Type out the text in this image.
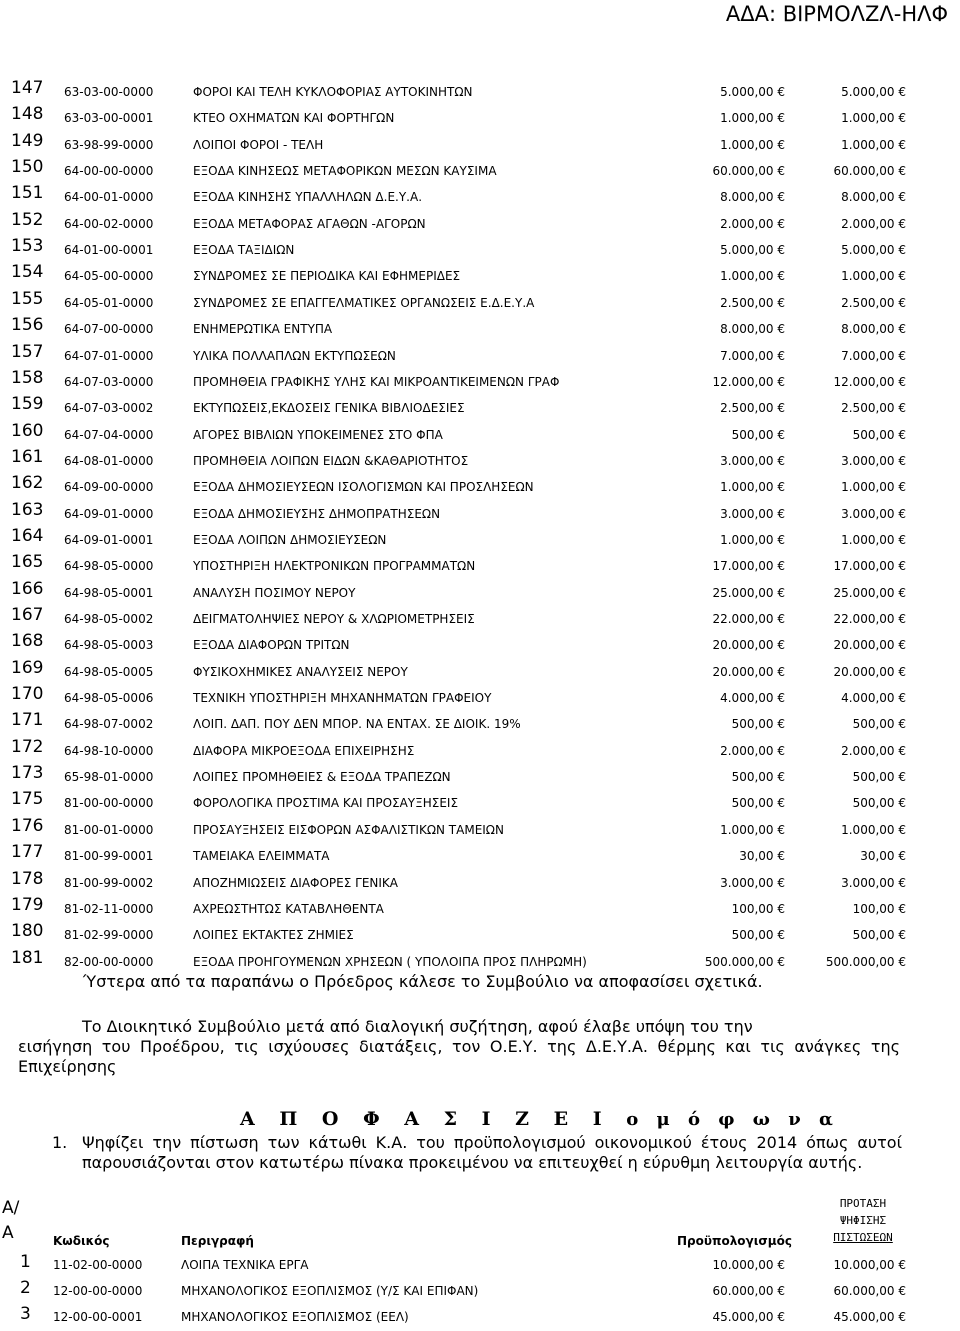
ΑΔΑ: ΒΙΡΜΟΛΖΛ-ΗΛΦ
147 63-03-00-0000	ΦΟΡΟΙ ΚΑΙ ΤΕΛΗ ΚΥΚΛΟΦΟΡΙΑΣ ΑΥΤΟΚΙΝΗΤΩΝ	5.000,00 €	5.000,00 €
148 63-03-00-0001	ΚΤΕΟ ΟΧΗΜΑΤΩΝ ΚΑΙ ΦΟΡΤΗΓΩΝ	1.000,00 €	1.000,00 €
149 63-98-99-0000	ΛΟΙΠΟΙ ΦΟΡΟΙ - ΤΕΛΗ	1.000,00 €	1.000,00 €
150 64-00-00-0000	ΕΞΟΔΑ ΚΙΝΗΣΕΩΣ ΜΕΤΑΦΟΡΙΚΩΝ ΜΕΣΩΝ ΚΑΥΣΙΜΑ	60.000,00 €	60.000,00 €
151 64-00-01-0000	ΕΞΟΔΑ ΚΙΝΗΣΗΣ ΥΠΑΛΛΗΛΩΝ Δ.Ε.Υ.Α.	8.000,00 €	8.000,00 €
152 64-00-02-0000	ΕΞΟΔΑ ΜΕΤΑΦΟΡΑΣ ΑΓΑΘΩΝ -ΑΓΟΡΩΝ	2.000,00 €	2.000,00 €
153 64-01-00-0001	ΕΞΟΔΑ ΤΑΞΙΔΙΩΝ	5.000,00 €	5.000,00 €
154 64-05-00-0000	ΣΥΝΔΡΟΜΕΣ ΣΕ ΠΕΡΙΟΔΙΚΑ ΚΑΙ ΕΦΗΜΕΡΙΔΕΣ	1.000,00 €	1.000,00 €
155 64-05-01-0000	ΣΥΝΔΡΟΜΕΣ ΣΕ ΕΠΑΓΓΕΛΜΑΤΙΚΕΣ ΟΡΓΑΝΩΣΕΙΣ Ε.Δ.Ε.Υ.Α	2.500,00 €	2.500,00 €
156 64-07-00-0000	ΕΝΗΜΕΡΩΤΙΚΑ ΕΝΤΥΠΑ	8.000,00 €	8.000,00 €
157 64-07-01-0000	ΥΛΙΚΑ ΠΟΛΛΑΠΛΩΝ ΕΚΤΥΠΩΣΕΩΝ	7.000,00 €	7.000,00 €
158 64-07-03-0000	ΠΡΟΜΗΘΕΙΑ ΓΡΑΦΙΚΗΣ ΥΛΗΣ ΚΑΙ ΜΙΚΡΟΑΝΤΙΚΕΙΜΕΝΩΝ ΓΡΑΦ	12.000,00 €	12.000,00 €
159 64-07-03-0002	ΕΚΤΥΠΩΣΕΙΣ,ΕΚΔΟΣΕΙΣ ΓΕΝΙΚΑ ΒΙΒΛΙΟΔΕΣΙΕΣ	2.500,00 €	2.500,00 €
160 64-07-04-0000	ΑΓΟΡΕΣ ΒΙΒΛΙΩΝ ΥΠΟΚΕΙΜΕΝΕΣ ΣΤΟ ΦΠΑ	500,00 €	500,00 €
161 64-08-01-0000	ΠΡΟΜΗΘΕΙΑ ΛΟΙΠΩΝ ΕΙΔΩΝ &ΚΑΘΑΡΙΟΤΗΤΟΣ	3.000,00 €	3.000,00 €
162 64-09-00-0000	ΕΞΟΔΑ ΔΗΜΟΣΙΕΥΣΕΩΝ ΙΣΟΛΟΓΙΣΜΩΝ ΚΑΙ ΠΡΟΣΛΗΣΕΩΝ	1.000,00 €	1.000,00 €
163 64-09-01-0000	ΕΞΟΔΑ ΔΗΜΟΣΙΕΥΣΗΣ ΔΗΜΟΠΡΑΤΗΣΕΩΝ	3.000,00 €	3.000,00 €
164 64-09-01-0001	ΕΞΟΔΑ ΛΟΙΠΩΝ ΔΗΜΟΣΙΕΥΣΕΩΝ	1.000,00 €	1.000,00 €
165 64-98-05-0000	ΥΠΟΣΤΗΡΙΞΗ ΗΛΕΚΤΡΟΝΙΚΩΝ ΠΡΟΓΡΑΜΜΑΤΩΝ	17.000,00 €	17.000,00 €
166 64-98-05-0001	ΑΝΑΛΥΣΗ ΠΟΣΙΜΟΥ ΝΕΡΟΥ	25.000,00 €	25.000,00 €
167 64-98-05-0002	ΔΕΙΓΜΑΤΟΛΗΨΙΕΣ ΝΕΡΟΥ & ΧΛΩΡΙΟΜΕΤΡΗΣΕΙΣ	22.000,00 €	22.000,00 €
168 64-98-05-0003	ΕΞΟΔΑ ΔΙΑΦΟΡΩΝ ΤΡΙΤΩΝ	20.000,00 €	20.000,00 €
169 64-98-05-0005	ΦΥΣΙΚΟΧΗΜΙΚΕΣ ΑΝΑΛΥΣΕΙΣ ΝΕΡΟΥ	20.000,00 €	20.000,00 €
170 64-98-05-0006	ΤΕΧΝΙΚΗ ΥΠΟΣΤΗΡΙΞΗ ΜΗΧΑΝΗΜΑΤΩΝ ΓΡΑΦΕΙΟΥ	4.000,00 €	4.000,00 €
171 64-98-07-0002	ΛΟΙΠ. ΔΑΠ. ΠΟΥ ΔΕΝ ΜΠΟΡ. ΝΑ ΕΝΤΑΧ. ΣΕ ΔΙΟΙΚ. 19%	500,00 €	500,00 €
172 64-98-10-0000	ΔΙΑΦΟΡΑ ΜΙΚΡΟΕΞΟΔΑ ΕΠΙΧΕΙΡΗΣΗΣ	2.000,00 €	2.000,00 €
173 65-98-01-0000	ΛΟΙΠΕΣ ΠΡΟΜΗΘΕΙΕΣ & ΕΞΟΔΑ ΤΡΑΠΕΖΩΝ	500,00 €	500,00 €
175 81-00-00-0000	ΦΟΡΟΛΟΓΙΚΑ ΠΡΟΣΤΙΜΑ ΚΑΙ ΠΡΟΣΑΥΞΗΣΕΙΣ	500,00 €	500,00 €
176 81-00-01-0000	ΠΡΟΣΑΥΞΗΣΕΙΣ ΕΙΣΦΟΡΩΝ ΑΣΦΑΛΙΣΤΙΚΩΝ ΤΑΜΕΙΩΝ	1.000,00 €	1.000,00 €
177 81-00-99-0001	ΤΑΜΕΙΑΚΑ ΕΛΕΙΜΜΑΤΑ	30,00 €	30,00 €
178 81-00-99-0002	ΑΠΟΖΗΜΙΩΣΕΙΣ ΔΙΑΦΟΡΕΣ ΓΕΝΙΚΑ	3.000,00 €	3.000,00 €
179 81-02-11-0000	ΑΧΡΕΩΣΤΗΤΩΣ ΚΑΤΑΒΛΗΘΕΝΤΑ	100,00 €	100,00 €
180 81-02-99-0000	ΛΟΙΠΕΣ ΕΚΤΑΚΤΕΣ ΖΗΜΙΕΣ	500,00 €	500,00 €
181 82-00-00-0000	ΕΞΟΔΑ ΠΡΟΗΓΟΥΜΕΝΩΝ ΧΡΗΣΕΩΝ ( ΥΠΟΛΟΙΠΑ ΠΡΟΣ ΠΛΗΡΩΜΗ)	500.000,00 €	500.000,00 €
Ύστερα από τα παραπάνω ο Πρόεδρος κάλεσε το Συμβούλιο να αποφασίσει σχετικά.
Το Διοικητικό Συμβούλιο μετά από διαλογική συζήτηση, αφού έλαβε υπόψη του την
εισήγηση του Προέδρου, τις ισχύουσες διατάξεις, τον Ο.Ε.Υ. της Δ.Ε.Υ.Α. θέρμης και τις ανάγκες της Επιχείρησης
Α Π Ο Φ Α Σ Ι Ζ Ε Ι ο μ ό φ ω ν α
1. Ψηφίζει την πίστωση των κάτωθι Κ.Α. του προϋπολογισμού οικονομικού έτους 2014 όπως αυτοί παρουσιάζονται στον κατωτέρω πίνακα προκειμένου να επιτευχθεί η εύρυθμη λειτουργία αυτής.
Α/
Α	Κωδικός	Περιγραφή	Προϋπολογισμός
ΠΡΟΤΑΣΗ
ΨΗΦΙΣΗΣ
ΠΙΣΤΩΣΕΩΝ
1 11-02-00-0000	ΛΟΙΠΑ ΤΕΧΝΙΚΑ ΕΡΓΑ	10.000,00 €	10.000,00 €
2 12-00-00-0000	ΜΗΧΑΝΟΛΟΓΙΚΟΣ ΕΞΟΠΛΙΣΜΟΣ (Υ/Σ ΚΑΙ ΕΠΙΦΑΝ)	60.000,00 €	60.000,00 €
3 12-00-00-0001	ΜΗΧΑΝΟΛΟΓΙΚΟΣ ΕΞΟΠΛΙΣΜΟΣ (ΕΕΛ)	45.000,00 €	45.000,00 €
